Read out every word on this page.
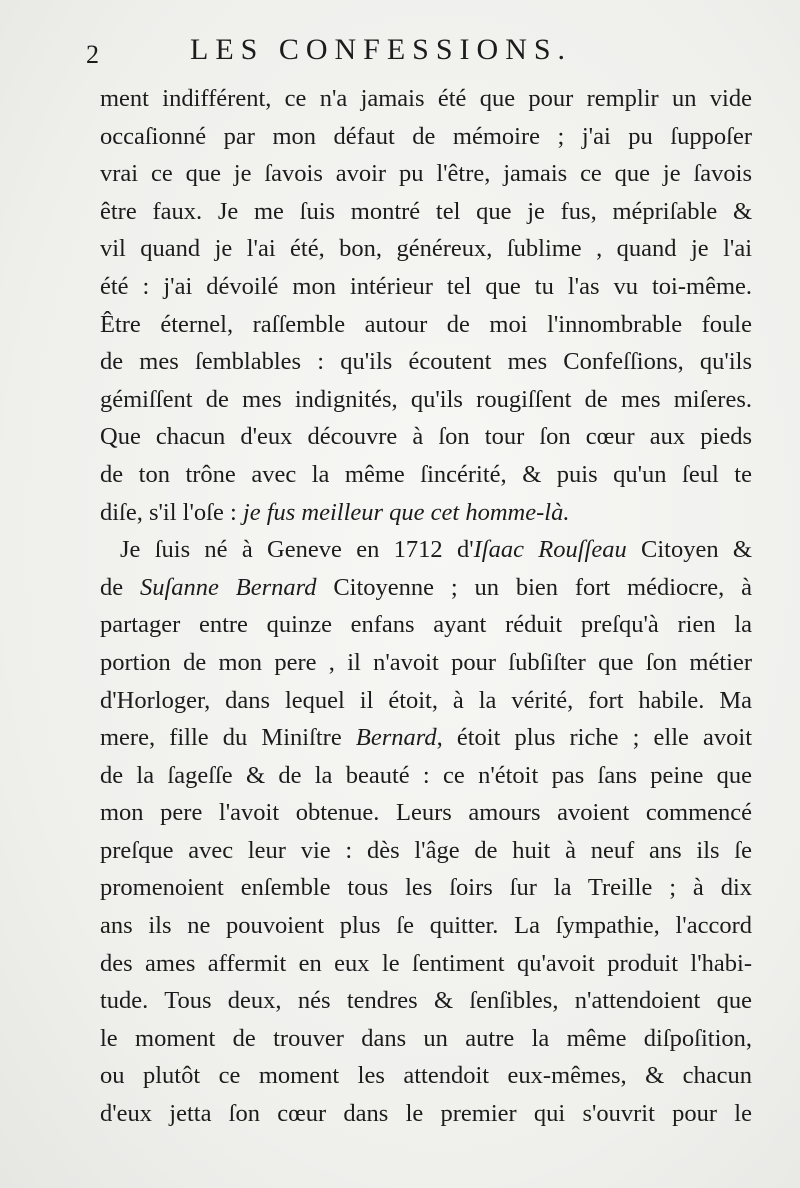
2	LES CONFESSIONS.
ment indifférent, ce n'a jamais été que pour remplir un vide
occaſionné par mon défaut de mémoire ; j'ai pu ſuppoſer
vrai ce que je ſavois avoir pu l'être, jamais ce que je ſavois
être faux. Je me ſuis montré tel que je fus, mépriſable &
vil quand je l'ai été, bon, généreux, ſublime , quand je l'ai
été : j'ai dévoilé mon intérieur tel que tu l'as vu toi-même.
Être éternel, raſſemble autour de moi l'innombrable foule
de mes ſemblables : qu'ils écoutent mes Confeſſions, qu'ils
gémiſſent de mes indignités, qu'ils rougiſſent de mes miſeres.
Que chacun d'eux découvre à ſon tour ſon cœur aux pieds
de ton trône avec la même ſincérité, & puis qu'un ſeul te
diſe, s'il l'oſe : je fus meilleur que cet homme-là.
Je ſuis né à Geneve en 1712 d'Iſaac Rouſſeau Citoyen &
de Suſanne Bernard Citoyenne ; un bien fort médiocre, à
partager entre quinze enfans ayant réduit preſqu'à rien la
portion de mon pere , il n'avoit pour ſubſiſter que ſon métier
d'Horloger, dans lequel il étoit, à la vérité, fort habile. Ma
mere, fille du Miniſtre Bernard, étoit plus riche ; elle avoit
de la ſageſſe & de la beauté : ce n'étoit pas ſans peine que
mon pere l'avoit obtenue. Leurs amours avoient commencé
preſque avec leur vie : dès l'âge de huit à neuf ans ils ſe
promenoient enſemble tous les ſoirs ſur la Treille ; à dix
ans ils ne pouvoient plus ſe quitter. La ſympathie, l'accord
des ames affermit en eux le ſentiment qu'avoit produit l'habi-
tude. Tous deux, nés tendres & ſenſibles, n'attendoient que
le moment de trouver dans un autre la même diſpoſition,
ou plutôt ce moment les attendoit eux-mêmes, & chacun
d'eux jetta ſon cœur dans le premier qui s'ouvrit pour le
